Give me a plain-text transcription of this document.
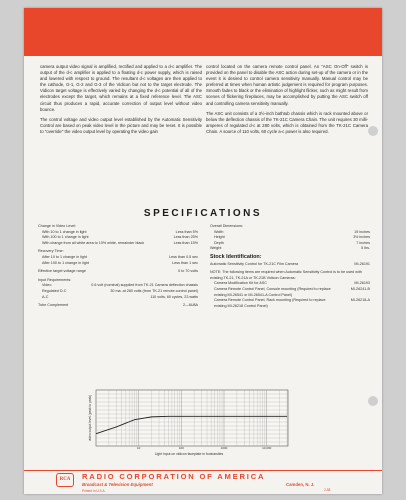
camera output video signal is amplified, rectified and applied to a d-c amplifier. The output of the d-c amplifier is applied to a floating d-c power supply, which is raised and lowered with respect to ground. The resultant d-c voltages are then applied to the cathode, G-1, G-2 and G-3 of the Vidicon but not to the target electrode. The Vidicon target voltage is effectively varied by changing the d-c potential of all of the electrodes except the target, which remains at a fixed reference level. The ASC circuit thus produces a rapid, accurate correction of output level without video bounce.

The control voltage and video output level established by the Automatic Sensitivity Control are based on peak video level in the picture and may be reset. It is possible to "override" the video output level by operating the video gain

control located on the camera remote control panel. An "ASC On-Off" switch is provided on the panel to disable the ASC action during set-up of the camera or in the event it is desired to control camera sensitivity manually. Manual control may be preferred at times when human artistic judgement is required for program purposes. Smooth fades to black or the elimination of highlight flicker, such as might result from scenes of flickering fireplaces, may be accomplished by putting the ASC switch off and controlling camera sensitivity manually.

The ASC unit consists of a 3½-inch bathtub chassis which is rack mounted above or below the deflection chassis of the TK-21C Camera Chain. The unit requires 30 milli-amperes of regulated d-c at 280 volts, which is obtained from the TK-21C Camera Chain. A source of 110 volts, 60 cycle a-c power is also required.

SPECIFICATIONS
Change in Video Level:
With 10 to 1 change in light	Less than 5%
With 100 to 1 change in light	Less than 25%
With change from all white area to 10% white, remainder black	Less than 15%
Recovery Time:
After 10 to 1 change in light	Less than 0.5 sec
After 100 to 1 change in light	Less than 1 sec
Effective target voltage range	0 to 70 volts
Input Requirements:
Video	0.6 volt (nominal) supplied from TK-21 Camera deflection chassis
Regulated D-C	30 ma. at 280 volts (from TK-21 remote control panel)
A-C	110 volts, 60 cycles, 23 watts
Tube Complement	2—6U8A
Overall Dimensions:
Width	19 inches
Height	3½ inches
Depth	7 inches
Weight	5 lbs.
Stock Identification:
Automatic Sensitivity Control for TK-21C Film Camera	MI-26191
NOTE: The following items are required when Automatic Sensitivity Control is to be used with existing TK-21, TK-21A or TK-21B Vidicon Cameras:
Camera Modification Kit for ASC	MI-26193
Camera Remote Control Panel, Console mounting (Required to replace existing MI-26541 or MI-26541-A Control Panel)
MI-26241-B
Camera Remote Control Panel, Rack mounting (Required to replace existing MI-26218 Control Panel)
MI-26218-A
10	100	1000	10,000
video output level (peak to peak)
Light input on vidicon faceplate in footcandles
RCA	RADIO CORPORATION OF AMERICA
Broadcast & Television Equipment	Camden, N. J.
Printed in U.S.A.	2-58
